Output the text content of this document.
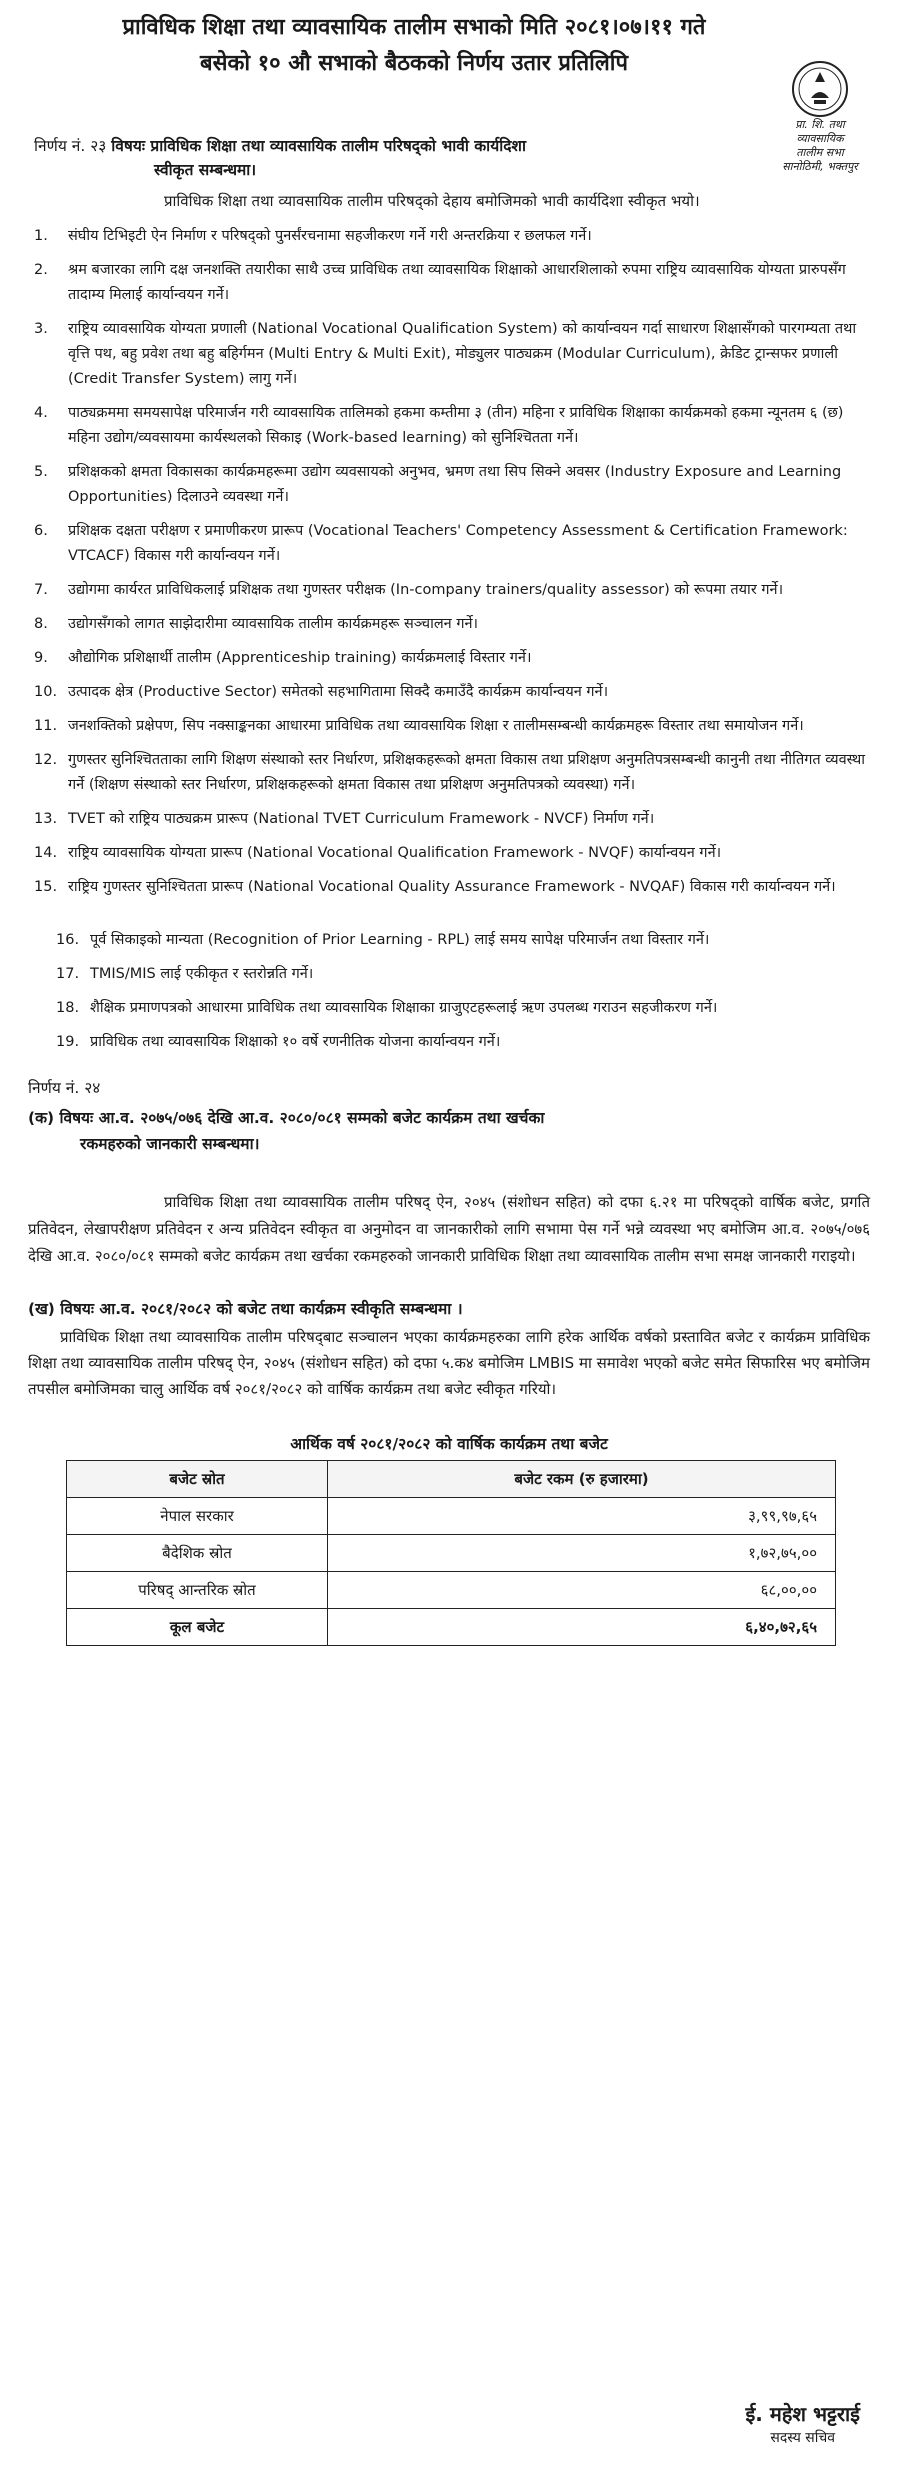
प्राविधिक शिक्षा तथा व्यावसायिक तालीम सभाको मिति २०८१।०७।११ गते

बसेको १० औ सभाको बैठकको निर्णय उतार प्रतिलिपि

प्रा. शि. तथा व्यावसायिक
तालीम सभा
सानोठिमी, भक्तपुर

निर्णय नं. २३ विषयः प्राविधिक शिक्षा तथा व्यावसायिक तालीम परिषद्‌को भावी कार्यदिशा
स्वीकृत सम्बन्धमा।

प्राविधिक शिक्षा तथा व्यावसायिक तालीम परिषद्‌को देहाय बमोजिमको भावी कार्यदिशा स्वीकृत भयो।

1. संघीय टिभिइटी ऐन निर्माण र परिषद्‌को पुनर्संरचनामा सहजीकरण गर्ने गरी अन्तरक्रिया र छलफल गर्ने।
2. श्रम बजारका लागि दक्ष जनशक्ति तयारीका साथै उच्च प्राविधिक तथा व्यावसायिक शिक्षाको आधारशिलाको रुपमा राष्ट्रिय व्यावसायिक योग्यता प्रारुपसँग तादाम्य मिलाई कार्यान्वयन गर्ने।
3. राष्ट्रिय व्यावसायिक योग्यता प्रणाली (National Vocational Qualification System) को कार्यान्वयन गर्दा साधारण शिक्षासँगको पारगम्यता तथा वृत्ति पथ, बहु प्रवेश तथा बहु बहिर्गमन (Multi Entry & Multi Exit), मोड्युलर पाठ्यक्रम (Modular Curriculum), क्रेडिट ट्रान्सफर प्रणाली (Credit Transfer System) लागु गर्ने।
4. पाठ्यक्रममा समयसापेक्ष परिमार्जन गरी व्यावसायिक तालिमको हकमा कम्तीमा ३ (तीन) महिना र प्राविधिक शिक्षाका कार्यक्रमको हकमा न्यूनतम ६ (छ) महिना उद्योग/व्यवसायमा कार्यस्थलको सिकाइ (Work-based learning) को सुनिश्चितता गर्ने।
5. प्रशिक्षकको क्षमता विकासका कार्यक्रमहरूमा उद्योग व्यवसायको अनुभव, भ्रमण तथा सिप सिक्ने अवसर (Industry Exposure and Learning Opportunities) दिलाउने व्यवस्था गर्ने।
6. प्रशिक्षक दक्षता परीक्षण र प्रमाणीकरण प्रारूप (Vocational Teachers' Competency Assessment & Certification Framework: VTCACF) विकास गरी कार्यान्वयन गर्ने।
7. उद्योगमा कार्यरत प्राविधिकलाई प्रशिक्षक तथा गुणस्तर परीक्षक (In-company trainers/quality assessor) को रूपमा तयार गर्ने।
8. उद्योगसँगको लागत साझेदारीमा व्यावसायिक तालीम कार्यक्रमहरू सञ्चालन गर्ने।
9. औद्योगिक प्रशिक्षार्थी तालीम (Apprenticeship training) कार्यक्रमलाई विस्तार गर्ने।
10. उत्पादक क्षेत्र (Productive Sector) समेतको सहभागितामा सिक्दै कमाउँदै कार्यक्रम कार्यान्वयन गर्ने।
11. जनशक्तिको प्रक्षेपण, सिप नक्साङ्कनका आधारमा प्राविधिक तथा व्यावसायिक शिक्षा र तालीमसम्बन्धी कार्यक्रमहरू विस्तार तथा समायोजन गर्ने।
12. गुणस्तर सुनिश्चितताका लागि शिक्षण संस्थाको स्तर निर्धारण, प्रशिक्षकहरूको क्षमता विकास तथा प्रशिक्षण अनुमतिपत्रसम्बन्धी कानुनी तथा नीतिगत व्यवस्था गर्ने (शिक्षण संस्थाको स्तर निर्धारण, प्रशिक्षकहरूको क्षमता विकास तथा प्रशिक्षण अनुमतिपत्रको व्यवस्था) गर्ने।
13. TVET को राष्ट्रिय पाठ्यक्रम प्रारूप (National TVET Curriculum Framework - NVCF) निर्माण गर्ने।
14. राष्ट्रिय व्यावसायिक योग्यता प्रारूप (National Vocational Qualification Framework - NVQF) कार्यान्वयन गर्ने।
15. राष्ट्रिय गुणस्तर सुनिश्चितता प्रारूप (National Vocational Quality Assurance Framework - NVQAF) विकास गरी कार्यान्वयन गर्ने।
16. पूर्व सिकाइको मान्यता (Recognition of Prior Learning - RPL) लाई समय सापेक्ष परिमार्जन तथा विस्तार गर्ने।
17. TMIS/MIS लाई एकीकृत र स्तरोन्नति गर्ने।
18. शैक्षिक प्रमाणपत्रको आधारमा प्राविधिक तथा व्यावसायिक शिक्षाका ग्राजुएटहरूलाई ऋण उपलब्ध गराउन सहजीकरण गर्ने।
19. प्राविधिक तथा व्यावसायिक शिक्षाको १० वर्षे रणनीतिक योजना कार्यान्वयन गर्ने।

निर्णय नं. २४

(क) विषयः आ.व. २०७५/०७६ देखि आ.व. २०८०/०८१ सम्मको बजेट कार्यक्रम तथा खर्चका
रकमहरुको जानकारी सम्बन्धमा।

प्राविधिक शिक्षा तथा व्यावसायिक तालीम परिषद् ऐन, २०४५ (संशोधन सहित) को दफा ६.२१ मा परिषद्‌को वार्षिक बजेट, प्रगति प्रतिवेदन, लेखापरीक्षण प्रतिवेदन र अन्य प्रतिवेदन स्वीकृत वा अनुमोदन वा जानकारीको लागि सभामा पेस गर्ने भन्ने व्यवस्था भए बमोजिम आ.व. २०७५/०७६ देखि आ.व. २०८०/०८१ सम्मको बजेट कार्यक्रम तथा खर्चका रकमहरुको जानकारी प्राविधिक शिक्षा तथा व्यावसायिक तालीम सभा समक्ष जानकारी गराइयो।

(ख) विषयः आ.व. २०८१/२०८२ को बजेट तथा कार्यक्रम स्वीकृति सम्बन्धमा ।

प्राविधिक शिक्षा तथा व्यावसायिक तालीम परिषद्‌बाट सञ्चालन भएका कार्यक्रमहरुका लागि हरेक आर्थिक वर्षको प्रस्तावित बजेट र कार्यक्रम प्राविधिक शिक्षा तथा व्यावसायिक तालीम परिषद् ऐन, २०४५ (संशोधन सहित) को दफा ५.क४ बमोजिम LMBIS मा समावेश भएको बजेट समेत सिफारिस भए बमोजिम तपसील बमोजिमका चालु आर्थिक वर्ष २०८१/२०८२ को वार्षिक कार्यक्रम तथा बजेट स्वीकृत गरियो।

आर्थिक वर्ष २०८१/२०८२ को वार्षिक कार्यक्रम तथा बजेट

बजेट स्रोत	बजेट रकम (रु हजारमा)
नेपाल सरकार	३,९९,९७,६५
बैदेशिक स्रोत	१,७२,७५,००
परिषद् आन्तरिक स्रोत	६८,००,००
कूल बजेट	६,४०,७२,६५
ई. महेश भट्टराई
सदस्य सचिव
